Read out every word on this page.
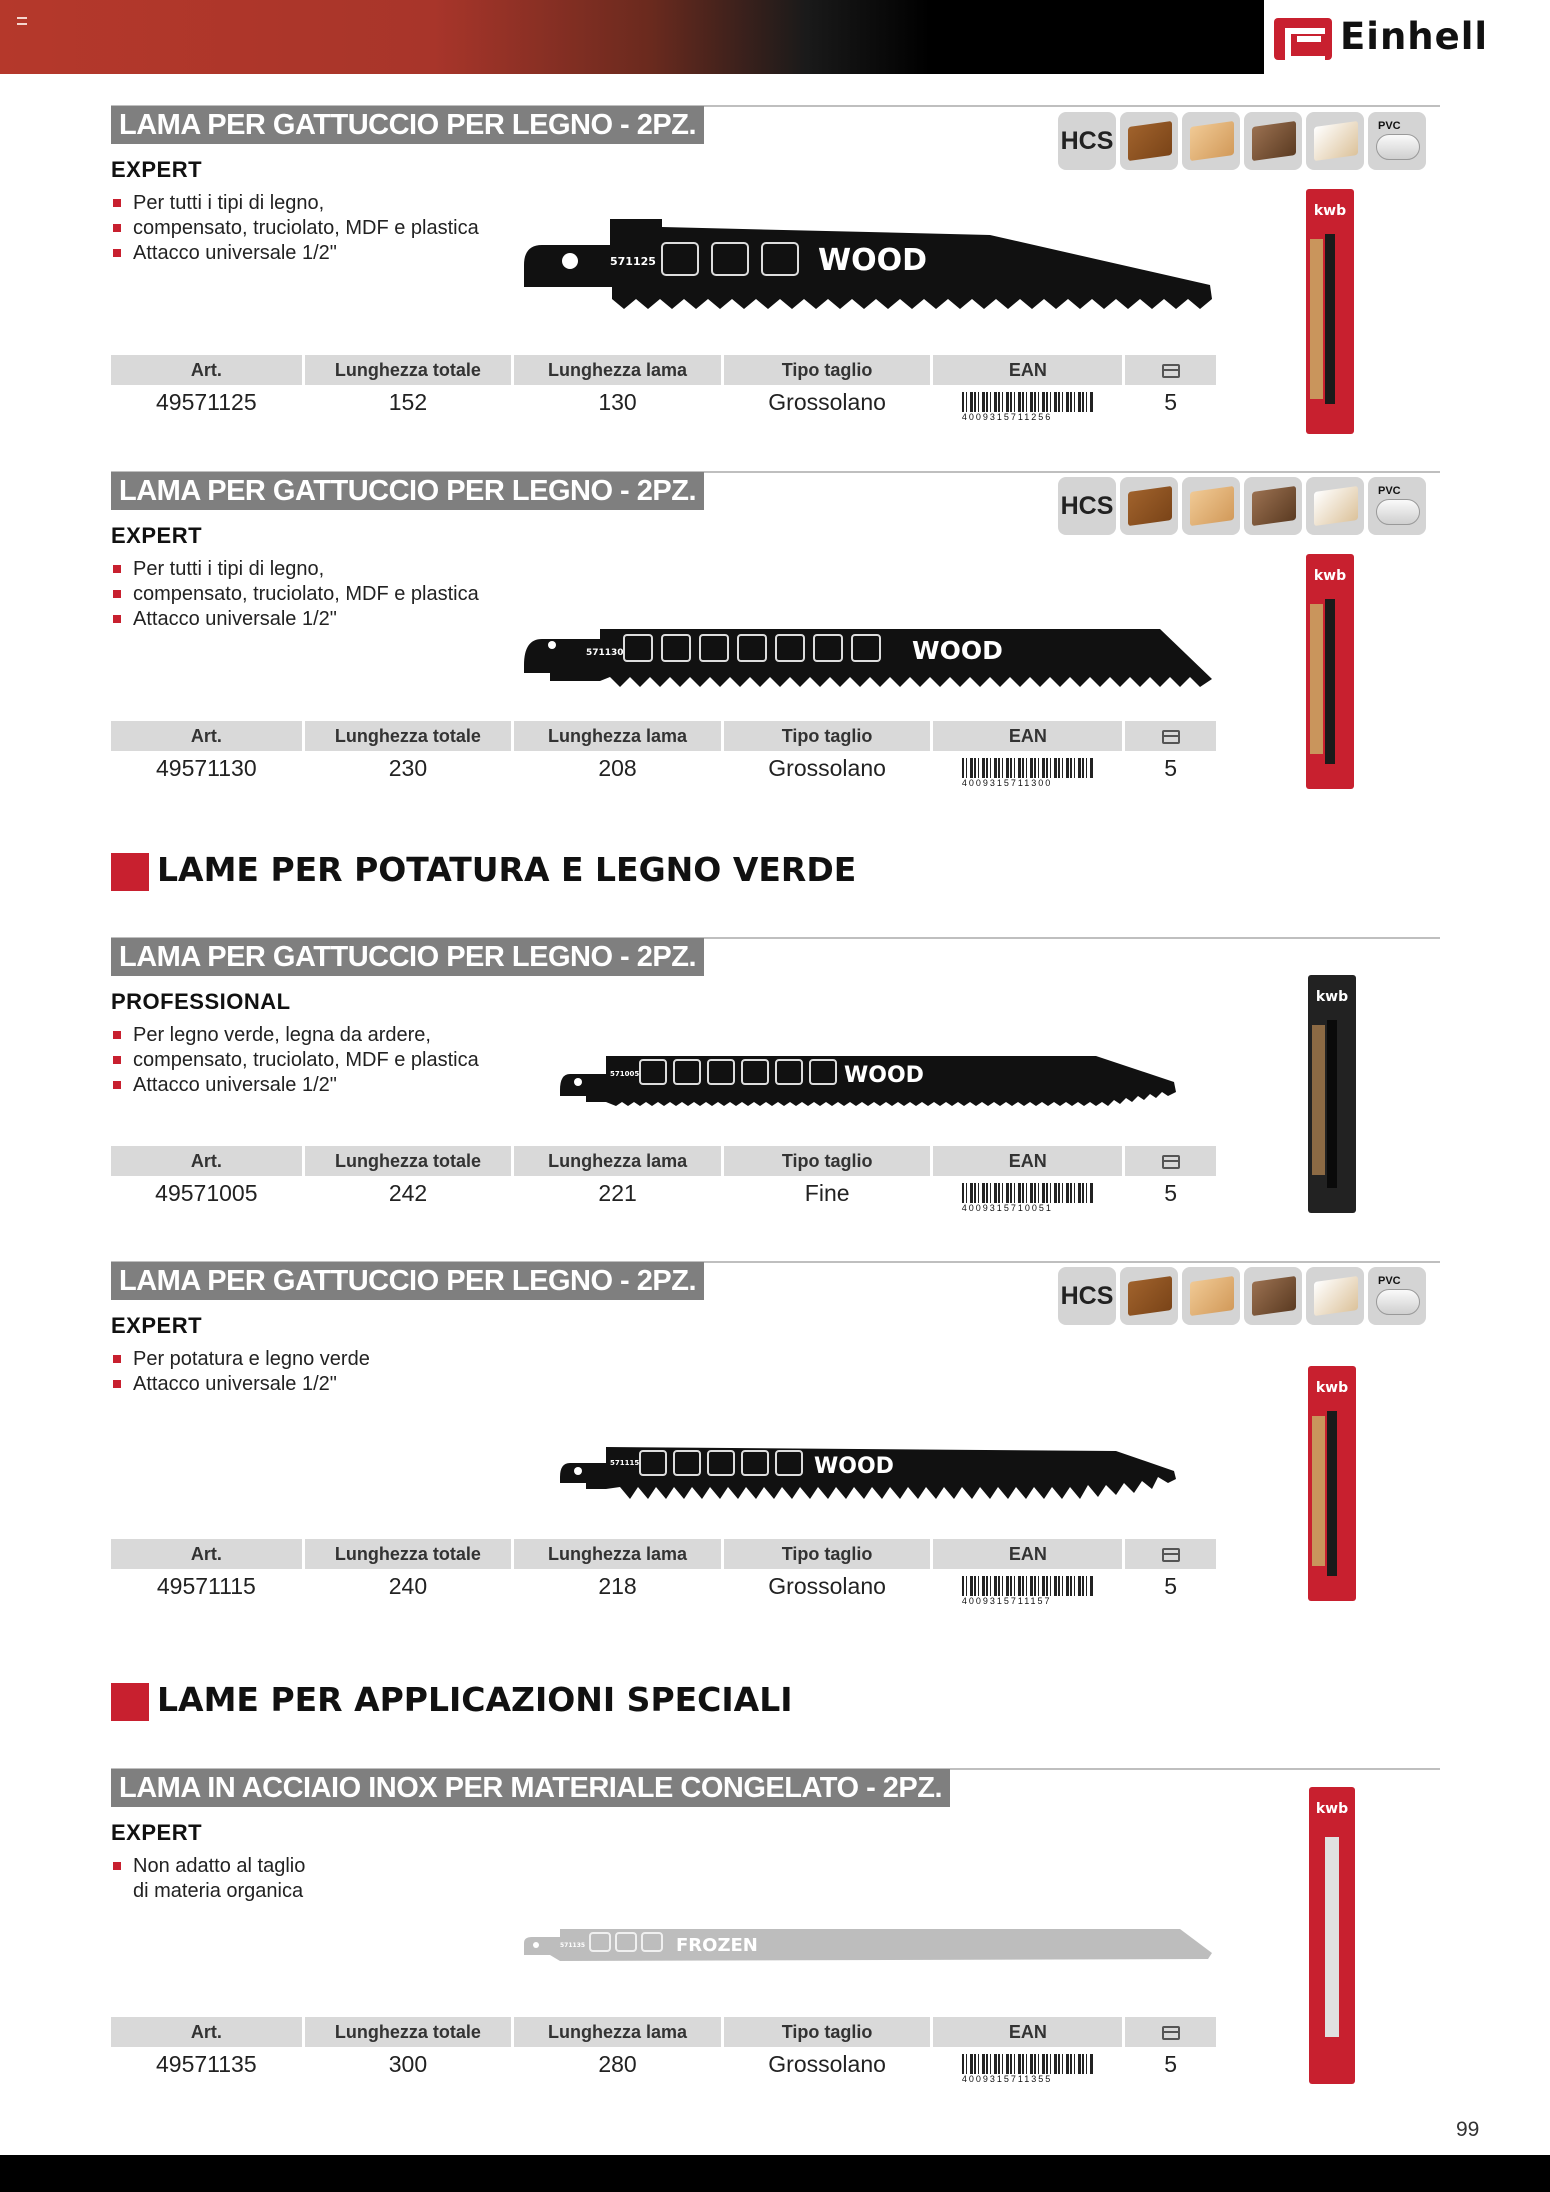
Einhell
LAMA PER GATTUCCIO PER LEGNO - 2PZ.
EXPERT
Per tutti i tipi di legno,
compensato, truciolato, MDF e plastica
Attacco universale 1/2"
HCS
PVC
571125	WOOD
kwb
Art.	Lunghezza totale	Lunghezza lama	Tipo taglio	EAN	
49571125	152	130	Grossolano	4009315711256	5
LAMA PER GATTUCCIO PER LEGNO - 2PZ.
EXPERT
Per tutti i tipi di legno,
compensato, truciolato, MDF e plastica
Attacco universale 1/2"
HCS
PVC
571130	WOOD
kwb
Art.	Lunghezza totale	Lunghezza lama	Tipo taglio	EAN	
49571130	230	208	Grossolano	4009315711300	5
LAME PER POTATURA E LEGNO VERDE
LAMA PER GATTUCCIO PER LEGNO - 2PZ.
PROFESSIONAL
Per legno verde, legna da ardere,
compensato, truciolato, MDF e plastica
Attacco universale 1/2"	571005	WOOD
kwb
Art.	Lunghezza totale	Lunghezza lama	Tipo taglio	EAN	
49571005	242	221	Fine	4009315710051	5
LAMA PER GATTUCCIO PER LEGNO - 2PZ.
EXPERT
Per potatura e legno verde
Attacco universale 1/2"
HCS
PVC
571115	WOOD
kwb
Art.	Lunghezza totale	Lunghezza lama	Tipo taglio	EAN	
49571115	240	218	Grossolano	4009315711157	5
LAME PER APPLICAZIONI SPECIALI
LAMA IN ACCIAIO INOX PER MATERIALE CONGELATO - 2PZ.
EXPERT
Non adatto al taglio
di materia organica
571135	FROZEN
kwb
Art.	Lunghezza totale	Lunghezza lama	Tipo taglio	EAN	
49571135	300	280	Grossolano	4009315711355	5
99
